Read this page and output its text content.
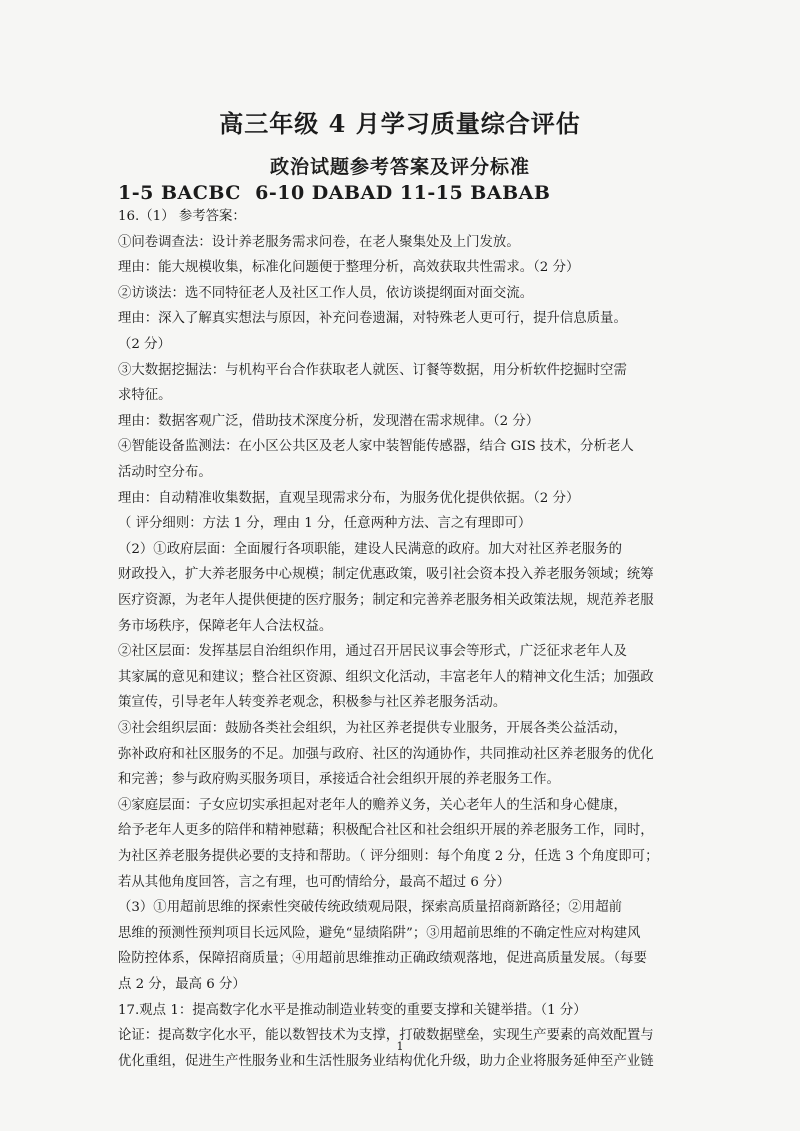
高三年级 4 月学习质量综合评估
政治试题参考答案及评分标准
1-5 BACBC  6-10 DABAD 11-15 BABAB
16.（1） 参考答案：
①问卷调查法：设计养老服务需求问卷，在老人聚集处及上门发放。
理由：能大规模收集，标准化问题便于整理分析，高效获取共性需求。（2 分）
②访谈法：选不同特征老人及社区工作人员，依访谈提纲面对面交流。
理由：深入了解真实想法与原因，补充问卷遗漏，对特殊老人更可行，提升信息质量。
（2 分）
③大数据挖掘法：与机构平台合作获取老人就医、订餐等数据，用分析软件挖掘时空需
求特征。
理由：数据客观广泛，借助技术深度分析，发现潜在需求规律。（2 分）
④智能设备监测法：在小区公共区及老人家中装智能传感器，结合 GIS 技术，分析老人
活动时空分布。
理由：自动精准收集数据，直观呈现需求分布，为服务优化提供依据。（2 分）
（ 评分细则：方法 1 分，理由 1 分，任意两种方法、言之有理即可）
（2）①政府层面：全面履行各项职能，建设人民满意的政府。加大对社区养老服务的
财政投入，扩大养老服务中心规模；制定优惠政策，吸引社会资本投入养老服务领域；统筹
医疗资源，为老年人提供便捷的医疗服务；制定和完善养老服务相关政策法规，规范养老服
务市场秩序，保障老年人合法权益。
②社区层面：发挥基层自治组织作用，通过召开居民议事会等形式，广泛征求老年人及
其家属的意见和建议；整合社区资源、组织文化活动，丰富老年人的精神文化生活；加强政
策宣传，引导老年人转变养老观念，积极参与社区养老服务活动。
③社会组织层面：鼓励各类社会组织，为社区养老提供专业服务，开展各类公益活动，
弥补政府和社区服务的不足。加强与政府、社区的沟通协作，共同推动社区养老服务的优化
和完善；参与政府购买服务项目，承接适合社会组织开展的养老服务工作。
④家庭层面：子女应切实承担起对老年人的赡养义务，关心老年人的生活和身心健康，
给予老年人更多的陪伴和精神慰藉；积极配合社区和社会组织开展的养老服务工作，同时，
为社区养老服务提供必要的支持和帮助。（ 评分细则：每个角度 2 分，任选 3 个角度即可；
若从其他角度回答，言之有理，也可酌情给分，最高不超过 6 分）
（3）①用超前思维的探索性突破传统政绩观局限，探索高质量招商新路径；②用超前
思维的预测性预判项目长远风险，避免“显绩陷阱”；③用超前思维的不确定性应对构建风
险防控体系，保障招商质量；④用超前思维推动正确政绩观落地，促进高质量发展。（每要
点 2 分，最高 6 分）
17.观点 1：提高数字化水平是推动制造业转变的重要支撑和关键举措。（1 分）
论证：提高数字化水平，能以数智技术为支撑，打破数据壁垒，实现生产要素的高效配置与
优化重组，促进生产性服务业和生活性服务业结构优化升级，助力企业将服务延伸至产业链
1
